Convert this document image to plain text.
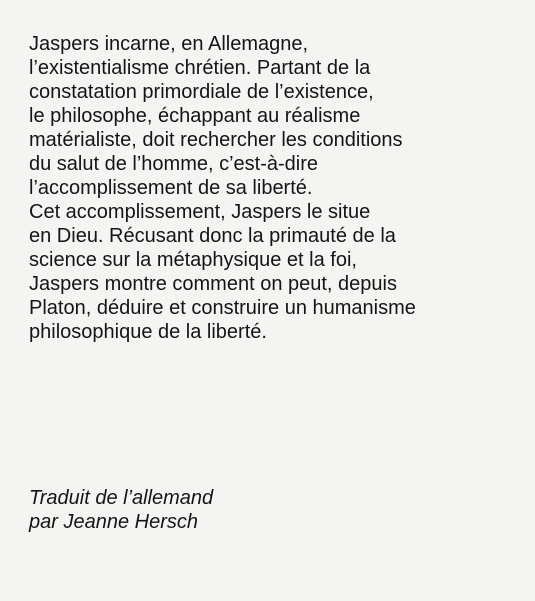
Jaspers incarne, en Allemagne,
l’existentialisme chrétien. Partant de la
constatation primordiale de l’existence,
le philosophe, échappant au réalisme
matérialiste, doit rechercher les conditions
du salut de l’homme, c’est-à-dire
l’accomplissement de sa liberté.
Cet accomplissement, Jaspers le situe
en Dieu. Récusant donc la primauté de la
science sur la métaphysique et la foi,
Jaspers montre comment on peut, depuis
Platon, déduire et construire un humanisme
philosophique de la liberté.
Traduit de l’allemand
par Jeanne Hersch
